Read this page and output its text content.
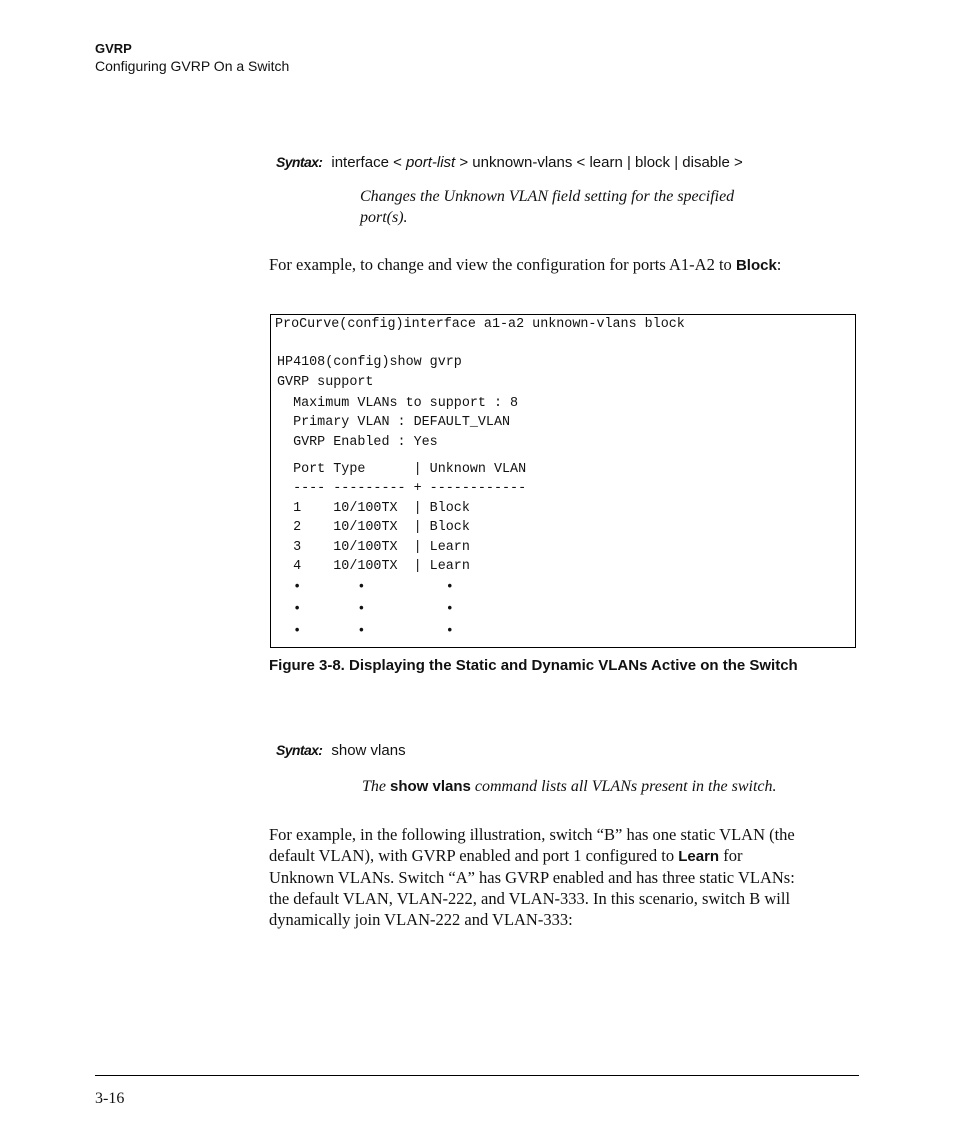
GVRP
Configuring GVRP On a Switch
Syntax: interface < port-list > unknown-vlans < learn | block | disable >
Changes the Unknown VLAN field setting for the specified
port(s).
For example, to change and view the configuration for ports A1-A2 to Block:
ProCurve(config)interface a1-a2 unknown-vlans block
HP4108(config)show gvrp
GVRP support
Maximum VLANs to support : 8
Primary VLAN : DEFAULT_VLAN
GVRP Enabled : Yes
Port Type      | Unknown VLAN
---- --------- + ------------
1    10/100TX  | Block
2    10/100TX  | Block
3    10/100TX  | Learn
4    10/100TX  | Learn
•       •          •
•       •          •
•       •          •
Figure 3-8. Displaying the Static and Dynamic VLANs Active on the Switch
Syntax: show vlans
The show vlans command lists all VLANs present in the switch.
For example, in the following illustration, switch “B” has one static VLAN (the
default VLAN), with GVRP enabled and port 1 configured to Learn for
Unknown VLANs. Switch “A” has GVRP enabled and has three static VLANs:
the default VLAN, VLAN-222, and VLAN-333. In this scenario, switch B will
dynamically join VLAN-222 and VLAN-333:
3-16
